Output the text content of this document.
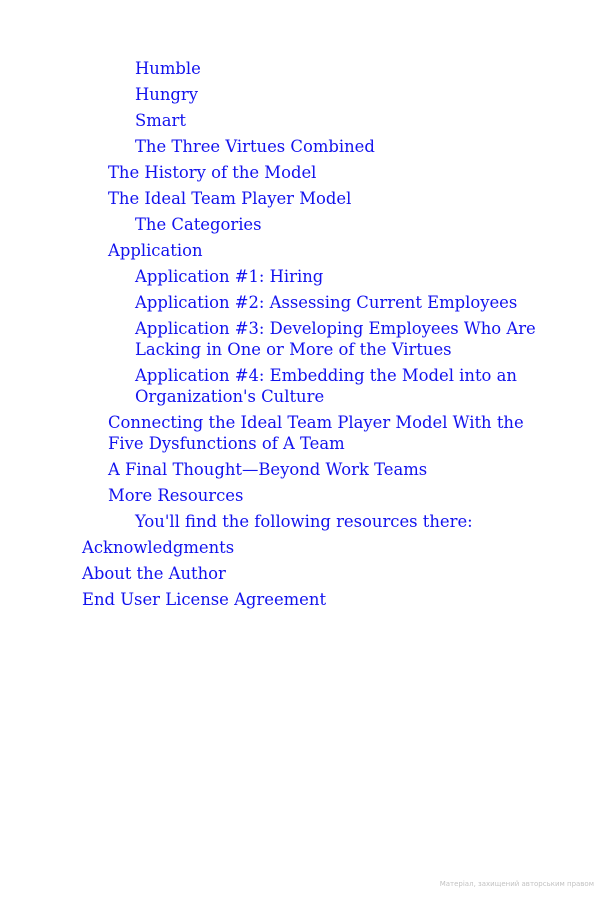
Humble
Hungry
Smart
The Three Virtues Combined
The History of the Model
The Ideal Team Player Model
The Categories
Application
Application #1: Hiring
Application #2: Assessing Current Employees
Application #3: Developing Employees Who Are Lacking in One or More of the Virtues
Application #4: Embedding the Model into an Organization's Culture
Connecting the Ideal Team Player Model With the Five Dysfunctions of A Team
A Final Thought—Beyond Work Teams
More Resources
You'll find the following resources there:
Acknowledgments
About the Author
End User License Agreement
Матеріал, захищений авторським правом
